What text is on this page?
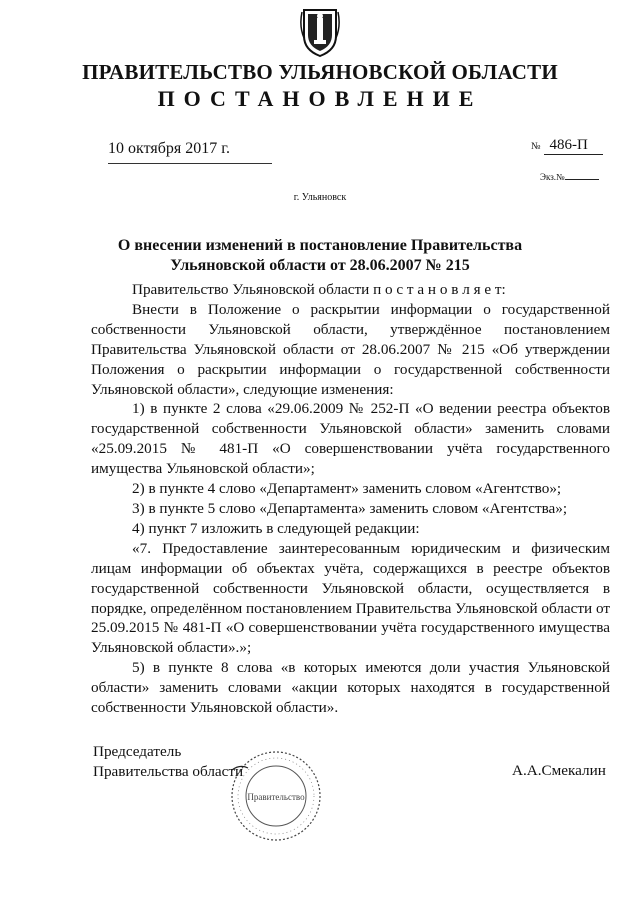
ПРАВИТЕЛЬСТВО УЛЬЯНОВСКОЙ ОБЛАСТИ
ПОСТАНОВЛЕНИЕ
10 октября 2017 г.	№ 486-П
Экз.№
г. Ульяновск
О внесении изменений в постановление Правительства
Ульяновской области от 28.06.2007 № 215

Правительство Ульяновской области п о с т а н о в л я е т:

Внести в Положение о раскрытии информации о государственной собственности Ульяновской области, утверждённое постановлением Правительства Ульяновской области от 28.06.2007 № 215 «Об утверждении Положения о раскрытии информации о государственной собственности Ульяновской области», следующие изменения:

1) в пункте 2 слова «29.06.2009 № 252-П «О ведении реестра объектов государственной собственности Ульяновской области» заменить словами «25.09.2015 № 481-П «О совершенствовании учёта государственного имущества Ульяновской области»;

2) в пункте 4 слово «Департамент» заменить словом «Агентство»;

3) в пункте 5 слово «Департамента» заменить словом «Агентства»;

4) пункт 7 изложить в следующей редакции:

«7. Предоставление заинтересованным юридическим и физическим лицам информации об объектах учёта, содержащихся в реестре объектов государственной собственности Ульяновской области, осуществляется в порядке, определённом постановлением Правительства Ульяновской области от 25.09.2015 № 481-П «О совершенствовании учёта государственного имущества Ульяновской области».»;

5) в пункте 8 слова «в которых имеются доли участия Ульяновской области» заменить словами «акции которых находятся в государственной собственности Ульяновской области».

Председатель
Правительства области
Правительство
А.А.Смекалин
